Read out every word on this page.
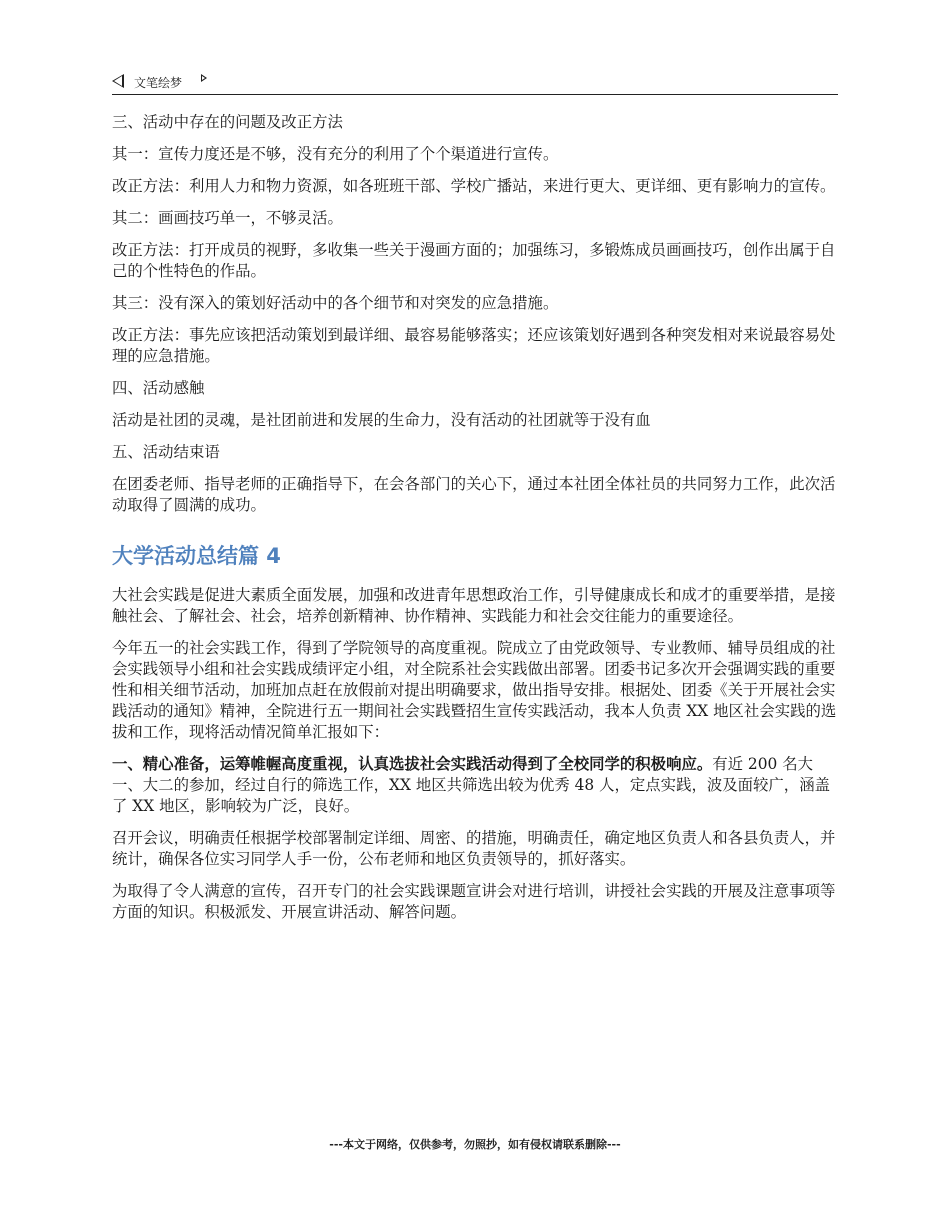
文笔绘梦

三、活动中存在的问题及改正方法

其一：宣传力度还是不够，没有充分的利用了个个渠道进行宣传。

改正方法：利用人力和物力资源，如各班班干部、学校广播站，来进行更大、更详细、更有影响力的宣传。

其二：画画技巧单一，不够灵活。

改正方法：打开成员的视野，多收集一些关于漫画方面的；加强练习，多锻炼成员画画技巧，创作出属于自己的个性特色的作品。

其三：没有深入的策划好活动中的各个细节和对突发的应急措施。

改正方法：事先应该把活动策划到最详细、最容易能够落实；还应该策划好遇到各种突发相对来说最容易处理的应急措施。

四、活动感触

活动是社团的灵魂，是社团前进和发展的生命力，没有活动的社团就等于没有血

五、活动结束语

在团委老师、指导老师的正确指导下，在会各部门的关心下，通过本社团全体社员的共同努力工作，此次活动取得了圆满的成功。

大学活动总结篇 4

大社会实践是促进大素质全面发展，加强和改进青年思想政治工作，引导健康成长和成才的重要举措，是接触社会、了解社会、社会，培养创新精神、协作精神、实践能力和社会交往能力的重要途径。

今年五一的社会实践工作，得到了学院领导的高度重视。院成立了由党政领导、专业教师、辅导员组成的社会实践领导小组和社会实践成绩评定小组，对全院系社会实践做出部署。团委书记多次开会强调实践的重要性和相关细节活动，加班加点赶在放假前对提出明确要求，做出指导安排。根据处、团委《关于开展社会实践活动的通知》精神，全院进行五一期间社会实践暨招生宣传实践活动，我本人负责 XX 地区社会实践的选拔和工作，现将活动情况简单汇报如下：

一、精心准备，运筹帷幄高度重视，认真选拔社会实践活动得到了全校同学的积极响应。有近 200 名大一、大二的参加，经过自行的筛选工作，XX 地区共筛选出较为优秀 48 人，定点实践，波及面较广，涵盖了 XX 地区，影响较为广泛，良好。

召开会议，明确责任根据学校部署制定详细、周密、的措施，明确责任，确定地区负责人和各县负责人，并统计，确保各位实习同学人手一份，公布老师和地区负责领导的，抓好落实。

为取得了令人满意的宣传，召开专门的社会实践课题宣讲会对进行培训，讲授社会实践的开展及注意事项等方面的知识。积极派发、开展宣讲活动、解答问题。

---本文于网络，仅供参考，勿照抄，如有侵权请联系删除---
